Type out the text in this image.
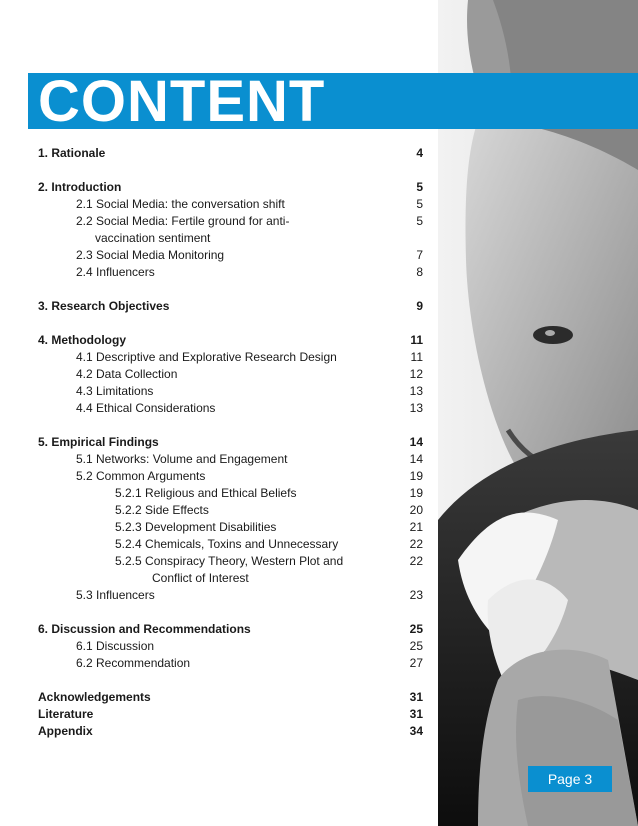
CONTENT
1. Rationale	4
2. Introduction	5
2.1 Social Media: the conversation shift	5
2.2 Social Media: Fertile ground for anti-	5
vaccination sentiment
2.3 Social Media Monitoring	7
2.4 Influencers	8
3. Research Objectives	9
4. Methodology	11
4.1 Descriptive and Explorative Research Design	11
4.2 Data Collection	12
4.3 Limitations	13
4.4 Ethical Considerations	13
5. Empirical Findings	14
5.1 Networks: Volume and Engagement	14
5.2 Common Arguments	19
5.2.1 Religious and Ethical Beliefs	19
5.2.2 Side Effects	20
5.2.3 Development Disabilities	21
5.2.4 Chemicals, Toxins and Unnecessary	22
5.2.5 Conspiracy Theory, Western Plot and	22
Conflict of Interest
5.3 Influencers	23
6. Discussion and Recommendations	25
6.1 Discussion	25
6.2 Recommendation	27
Acknowledgements	31
Literature	31
Appendix	34
Page 3
